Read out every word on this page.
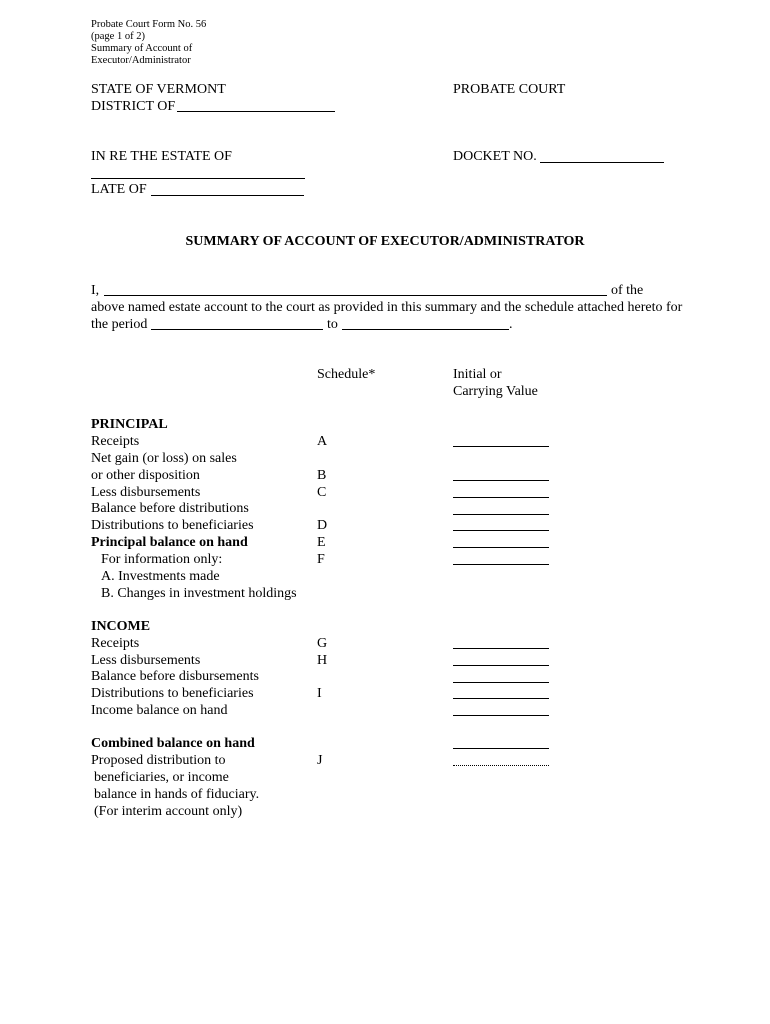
Probate Court Form No. 56
(page 1 of 2)
Summary of Account of
Executor/Administrator
STATE OF VERMONT
DISTRICT OF
PROBATE COURT
IN RE THE ESTATE OF	DOCKET NO.
LATE OF
SUMMARY OF ACCOUNT OF EXECUTOR/ADMINISTRATOR
I,	of the
above named estate account to the court as provided in this summary and the schedule attached hereto for
the period	to	.
Schedule*	Initial or
Carrying Value
PRINCIPAL
Receipts	A
Net gain (or loss) on sales
or other disposition	B
Less disbursements	C
Balance before distributions
Distributions to beneficiaries	D
Principal balance on hand	E
For information only:	F
A. Investments made
B. Changes in investment holdings
INCOME
Receipts	G
Less disbursements	H
Balance before disbursements
Distributions to beneficiaries	I
Income balance on hand
Combined balance on hand
Proposed distribution to	J
beneficiaries, or income
balance in hands of fiduciary.
(For interim account only)
